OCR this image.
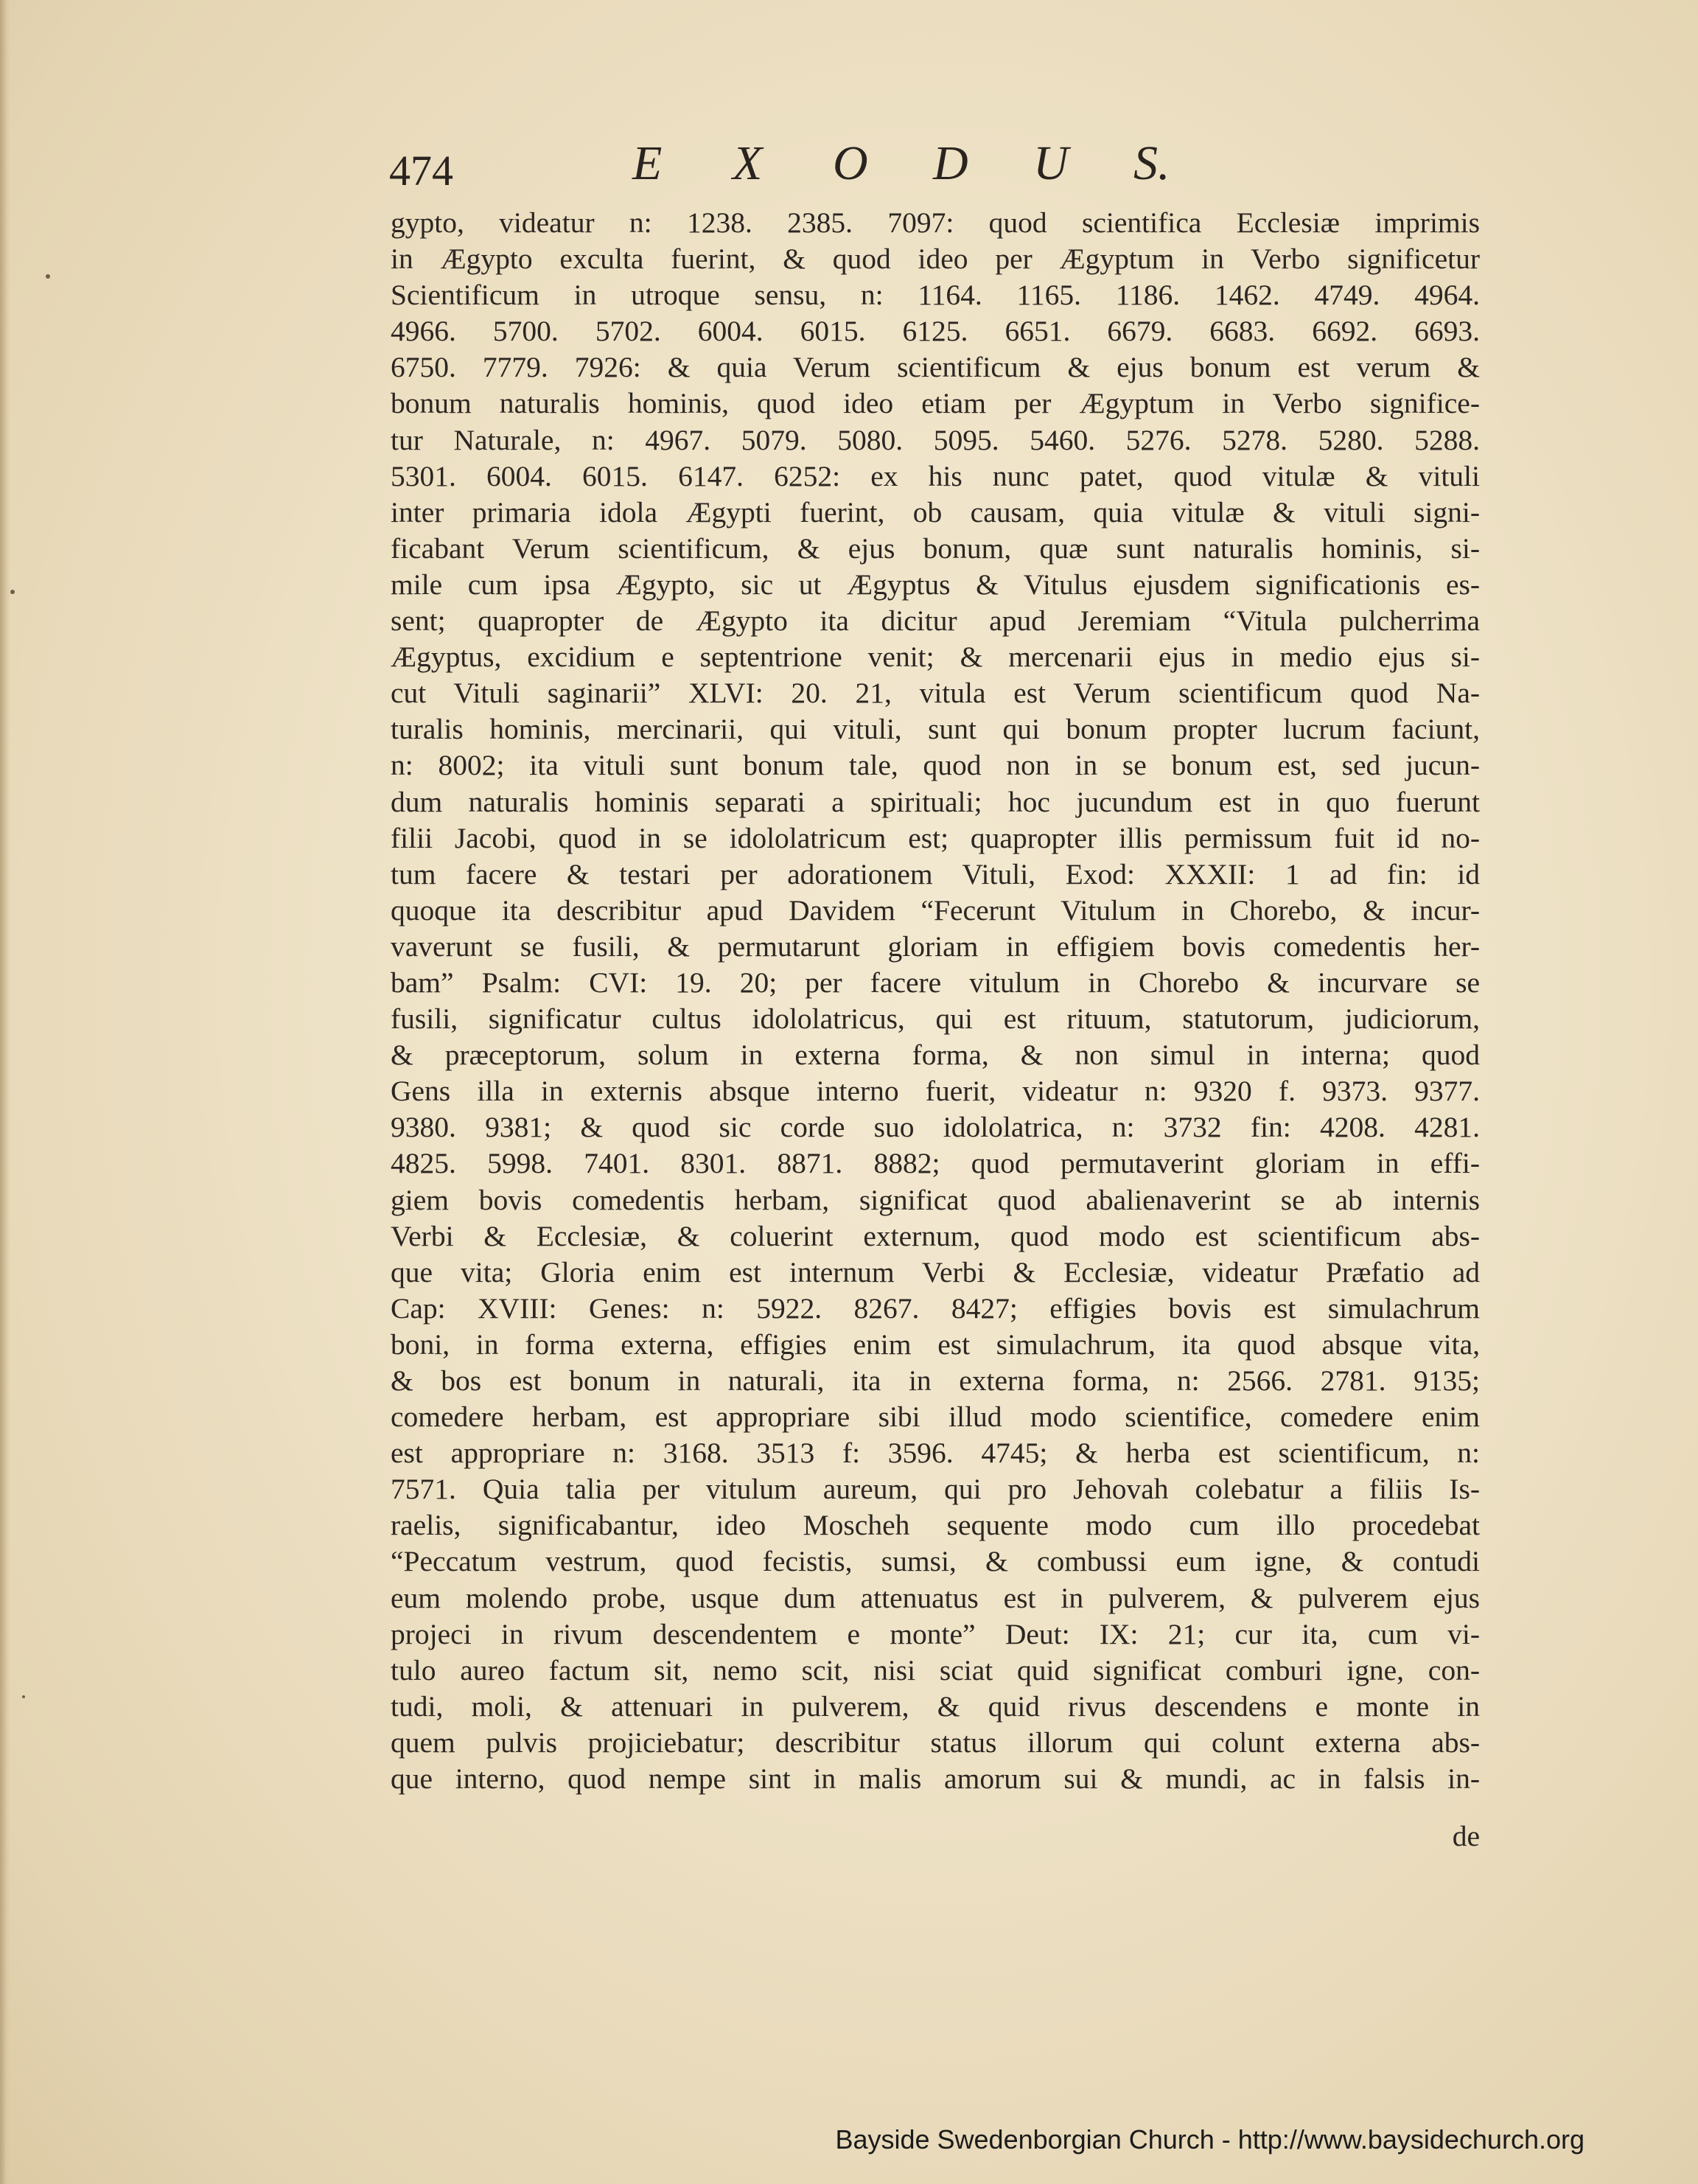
474	E X O D U S.
gypto, videatur n: 1238. 2385. 7097: quod scientifica Ecclesiæ imprimis
in Ægypto exculta fuerint, & quod ideo per Ægyptum in Verbo significetur
Scientificum in utroque sensu, n: 1164. 1165. 1186. 1462. 4749. 4964.
4966. 5700. 5702. 6004. 6015. 6125. 6651. 6679. 6683. 6692. 6693.
6750. 7779. 7926: & quia Verum scientificum & ejus bonum est verum &
bonum naturalis hominis, quod ideo etiam per Ægyptum in Verbo significe-
tur Naturale, n: 4967. 5079. 5080. 5095. 5460. 5276. 5278. 5280. 5288.
5301. 6004. 6015. 6147. 6252: ex his nunc patet, quod vitulæ & vituli
inter primaria idola Ægypti fuerint, ob causam, quia vitulæ & vituli signi-
ficabant Verum scientificum, & ejus bonum, quæ sunt naturalis hominis, si-
mile cum ipsa Ægypto, sic ut Ægyptus & Vitulus ejusdem significationis es-
sent; quapropter de Ægypto ita dicitur apud Jeremiam “Vitula pulcherrima
Ægyptus, excidium e septentrione venit; & mercenarii ejus in medio ejus si-
cut Vituli saginarii” XLVI: 20. 21, vitula est Verum scientificum quod Na-
turalis hominis, mercinarii, qui vituli, sunt qui bonum propter lucrum faciunt,
n: 8002; ita vituli sunt bonum tale, quod non in se bonum est, sed jucun-
dum naturalis hominis separati a spirituali; hoc jucundum est in quo fuerunt
filii Jacobi, quod in se idololatricum est; quapropter illis permissum fuit id no-
tum facere & testari per adorationem Vituli, Exod: XXXII: 1 ad fin: id
quoque ita describitur apud Davidem “Fecerunt Vitulum in Chorebo, & incur-
vaverunt se fusili, & permutarunt gloriam in effigiem bovis comedentis her-
bam” Psalm: CVI: 19. 20; per facere vitulum in Chorebo & incurvare se
fusili, significatur cultus idololatricus, qui est rituum, statutorum, judiciorum,
& præceptorum, solum in externa forma, & non simul in interna; quod
Gens illa in externis absque interno fuerit, videatur n: 9320 f. 9373. 9377.
9380. 9381; & quod sic corde suo idololatrica, n: 3732 fin: 4208. 4281.
4825. 5998. 7401. 8301. 8871. 8882; quod permutaverint gloriam in effi-
giem bovis comedentis herbam, significat quod abalienaverint se ab internis
Verbi & Ecclesiæ, & coluerint externum, quod modo est scientificum abs-
que vita; Gloria enim est internum Verbi & Ecclesiæ, videatur Præfatio ad
Cap: XVIII: Genes: n: 5922. 8267. 8427; effigies bovis est simulachrum
boni, in forma externa, effigies enim est simulachrum, ita quod absque vita,
& bos est bonum in naturali, ita in externa forma, n: 2566. 2781. 9135;
comedere herbam, est appropriare sibi illud modo scientifice, comedere enim
est appropriare n: 3168. 3513 f: 3596. 4745; & herba est scientificum, n:
7571. Quia talia per vitulum aureum, qui pro Jehovah colebatur a filiis Is-
raelis, significabantur, ideo Moscheh sequente modo cum illo procedebat
“Peccatum vestrum, quod fecistis, sumsi, & combussi eum igne, & contudi
eum molendo probe, usque dum attenuatus est in pulverem, & pulverem ejus
projeci in rivum descendentem e monte” Deut: IX: 21; cur ita, cum vi-
tulo aureo factum sit, nemo scit, nisi sciat quid significat comburi igne, con-
tudi, moli, & attenuari in pulverem, & quid rivus descendens e monte in
quem pulvis projiciebatur; describitur status illorum qui colunt externa abs-
que interno, quod nempe sint in malis amorum sui & mundi, ac in falsis in-
de
Bayside Swedenborgian Church - http://www.baysidechurch.org
